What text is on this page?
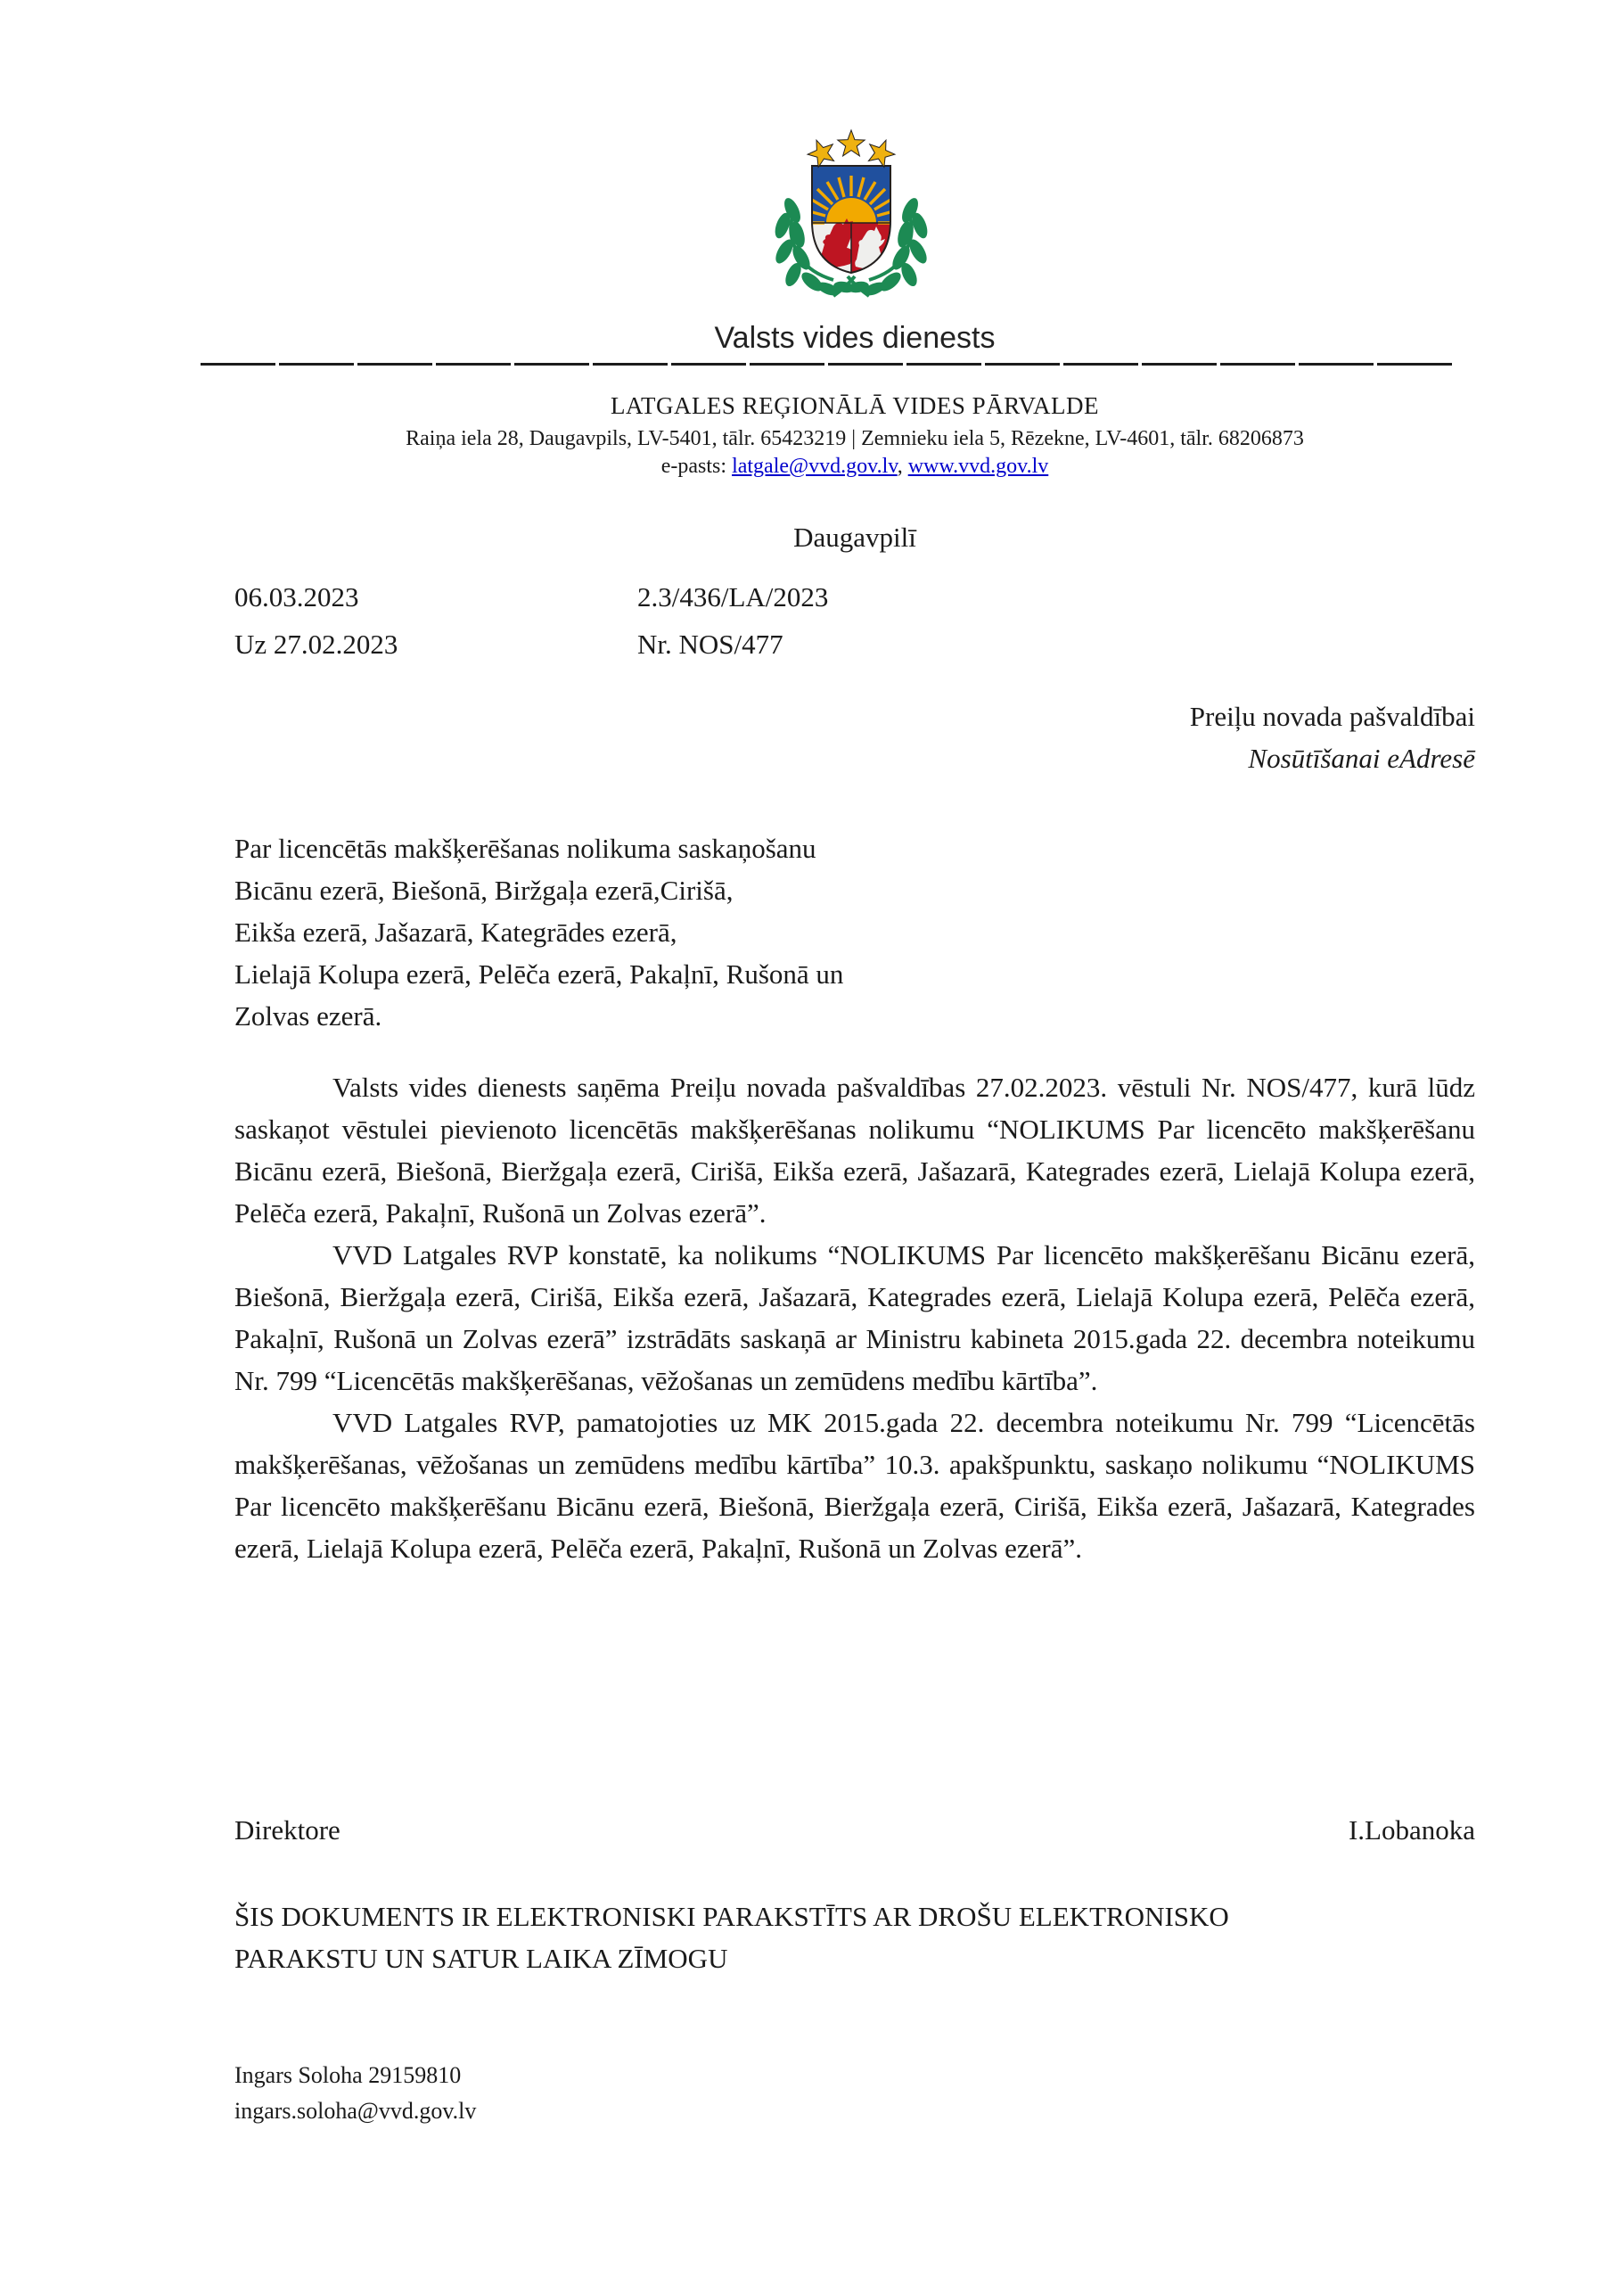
Valsts vides dienests
LATGALES REĢIONĀLĀ VIDES PĀRVALDE
Raiņa iela 28, Daugavpils, LV-5401, tālr. 65423219 | Zemnieku iela 5, Rēzekne, LV-4601, tālr. 68206873
e-pasts: latgale@vvd.gov.lv, www.vvd.gov.lv
Daugavpilī
06.03.2023	2.3/436/LA/2023
Uz 27.02.2023	Nr. NOS/477
Preiļu novada pašvaldībai
Nosūtīšanai eAdresē
Par licencētās makšķerēšanas nolikuma saskaņošanu
Bicānu ezerā, Biešonā, Biržgaļa ezerā,Cirišā,
Eikša ezerā, Jašazarā, Kategrādes ezerā,
Lielajā Kolupa ezerā, Pelēča ezerā, Pakaļnī, Rušonā un
Zolvas ezerā.

Valsts vides dienests saņēma Preiļu novada pašvaldības 27.02.2023. vēstuli Nr. NOS/477, kurā lūdz saskaņot vēstulei pievienoto licencētās makšķerēšanas nolikumu “NOLIKUMS Par licencēto makšķerēšanu Bicānu ezerā, Biešonā, Bieržgaļa ezerā, Cirišā, Eikša ezerā, Jašazarā, Kategrades ezerā, Lielajā Kolupa ezerā, Pelēča ezerā, Pakaļnī, Rušonā un Zolvas ezerā”.

VVD Latgales RVP konstatē, ka nolikums “NOLIKUMS Par licencēto makšķerēšanu Bicānu ezerā, Biešonā, Bieržgaļa ezerā, Cirišā, Eikša ezerā, Jašazarā, Kategrades ezerā, Lielajā Kolupa ezerā, Pelēča ezerā, Pakaļnī, Rušonā un Zolvas ezerā” izstrādāts saskaņā ar Ministru kabineta 2015.gada 22. decembra noteikumu Nr. 799 “Licencētās makšķerēšanas, vēžošanas un zemūdens medību kārtība”.

VVD Latgales RVP, pamatojoties uz MK 2015.gada 22. decembra noteikumu Nr. 799 “Licencētās makšķerēšanas, vēžošanas un zemūdens medību kārtība” 10.3. apakšpunktu, saskaņo nolikumu “NOLIKUMS Par licencēto makšķerēšanu Bicānu ezerā, Biešonā, Bieržgaļa ezerā, Cirišā, Eikša ezerā, Jašazarā, Kategrades ezerā, Lielajā Kolupa ezerā, Pelēča ezerā, Pakaļnī, Rušonā un Zolvas ezerā”.

Direktore	I.Lobanoka
ŠIS DOKUMENTS IR ELEKTRONISKI PARAKSTĪTS AR DROŠU ELEKTRONISKO
PARAKSTU UN SATUR LAIKA ZĪMOGU
Ingars Soloha 29159810
ingars.soloha@vvd.gov.lv
